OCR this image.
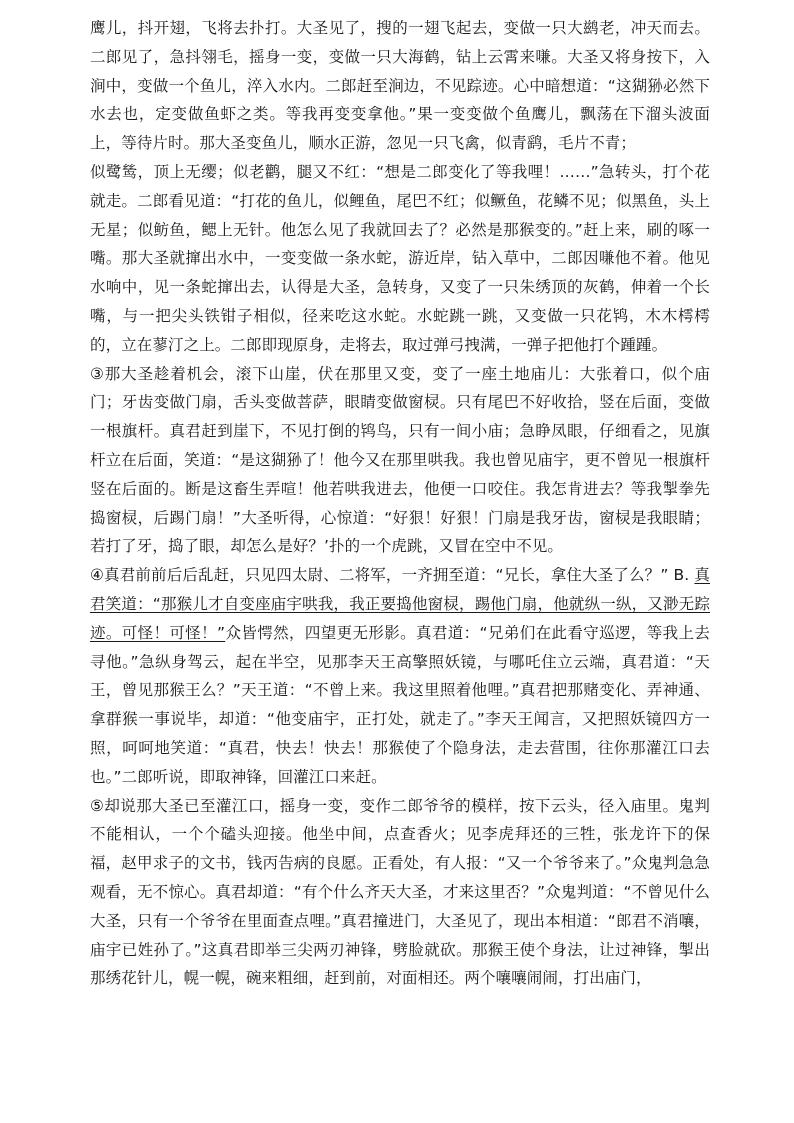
鹰儿，抖开翅，飞将去扑打。大圣见了，搜的一翅飞起去，变做一只大鹚老，冲天而去。二郎见了，急抖翎毛，摇身一变，变做一只大海鹤，钻上云霄来嗛。大圣又将身按下，入涧中，变做一个鱼儿，淬入水内。二郎赶至涧边，不见踪迹。心中暗想道：“这猢狲必然下水去也，定变做鱼虾之类。等我再变变拿他。”果一变变做个鱼鹰儿，飘荡在下溜头波面上，等待片时。那大圣变鱼儿，顺水正游，忽见一只飞禽，似青鹞，毛片不青；

似鹭鸶，顶上无缨；似老鹳，腿又不红：“想是二郎变化了等我哩！……”急转头，打个花就走。二郎看见道：“打花的鱼儿，似鲤鱼，尾巴不红；似鳜鱼，花鳞不见；似黑鱼，头上无星；似鲂鱼，鳃上无针。他怎么见了我就回去了？必然是那猴变的。”赶上来，刷的啄一嘴。那大圣就撺出水中，一变变做一条水蛇，游近岸，钻入草中，二郎因嗛他不着。他见水响中，见一条蛇撺出去，认得是大圣，急转身，又变了一只朱绣顶的灰鹤，伸着一个长嘴，与一把尖头铁钳子相似，径来吃这水蛇。水蛇跳一跳，又变做一只花鸨，木木樗樗的，立在蓼汀之上。二郎即现原身，走将去，取过弹弓拽满，一弹子把他打个踵踵。

③那大圣趁着机会，滚下山崖，伏在那里又变，变了一座土地庙儿：大张着口，似个庙门；牙齿变做门扇，舌头变做菩萨，眼睛变做窗棂。只有尾巴不好收拾，竖在后面，变做一根旗杆。真君赶到崖下，不见打倒的鸨鸟，只有一间小庙；急睁凤眼，仔细看之，见旗杆立在后面，笑道：“是这猢狲了！他今又在那里哄我。我也曾见庙宇，更不曾见一根旗杆竖在后面的。断是这畜生弄喧！他若哄我进去，他便一口咬住。我怎肯进去？等我掣拳先捣窗棂，后踢门扇！”大圣听得，心惊道：“好狠！好狠！门扇是我牙齿，窗棂是我眼睛；若打了牙，捣了眼，却怎么是好？’扑的一个虎跳，又冒在空中不见。

④真君前前后后乱赶，只见四太尉、二将军，一齐拥至道：“兄长，拿住大圣了么？” B. 真君笑道：“那猴儿才自变座庙宇哄我，我正要捣他窗棂，踢他门扇，他就纵一纵，又渺无踪迹。可怪！可怪！”众皆愕然，四望更无形影。真君道：“兄弟们在此看守巡逻，等我上去寻他。”急纵身驾云，起在半空，见那李天王高擎照妖镜，与哪吒住立云端，真君道：“天王，曾见那猴王么？”天王道：“不曾上来。我这里照着他哩。”真君把那赌变化、弄神通、拿群猴一事说毕，却道：“他变庙宇，正打处，就走了。”李天王闻言，又把照妖镜四方一照，呵呵地笑道：“真君，快去！快去！那猴使了个隐身法，走去营围，往你那灌江口去也。”二郎听说，即取神锋，回灌江口来赶。

⑤却说那大圣已至灌江口，摇身一变，变作二郎爷爷的模样，按下云头，径入庙里。鬼判不能相认，一个个磕头迎接。他坐中间，点查香火；见李虎拜还的三牲，张龙许下的保福，赵甲求子的文书，钱丙告病的良愿。正看处，有人报：“又一个爷爷来了。”众鬼判急急观看，无不惊心。真君却道：“有个什么齐天大圣，才来这里否？”众鬼判道：“不曾见什么大圣，只有一个爷爷在里面查点哩。”真君撞进门，大圣见了，现出本相道：“郎君不消嚷，庙宇已姓孙了。”这真君即举三尖两刃神锋，劈脸就砍。那猴王使个身法，让过神锋，掣出那绣花针儿，幌一幌，碗来粗细，赶到前，对面相还。两个嚷嚷闹闹，打出庙门，
